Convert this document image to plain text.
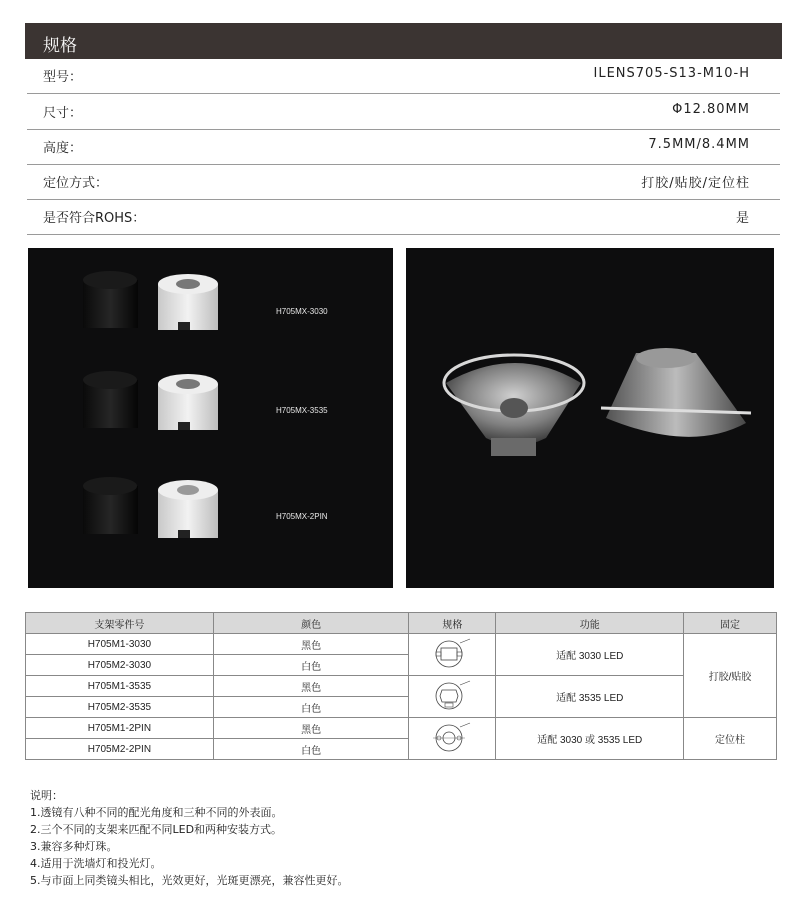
规格
型号：	ILENS705-S13-M10-H
尺寸：	Φ12.80MM
高度：	7.5MM/8.4MM
定位方式：	打胶/贴胶/定位柱
是否符合ROHS：	是
H705MX-3030
H705MX-3535
H705MX-2PIN
支架零件号	颜色	规格	功能	固定
H705M1-3030	黑色		适配 3030 LED	打胶/贴胶
H705M2-3030	白色			
H705M1-3535	黑色		适配 3535 LED	
H705M2-3535	白色			
H705M1-2PIN	黑色		适配 3030 或 3535 LED	定位柱
H705M2-2PIN	白色			
说明：
1.透镜有八种不同的配光角度和三种不同的外表面。
2.三个不同的支架来匹配不同LED和两种安装方式。
3.兼容多种灯珠。
4.适用于洗墙灯和投光灯。
5.与市面上同类镜头相比，光效更好，光斑更漂亮，兼容性更好。
